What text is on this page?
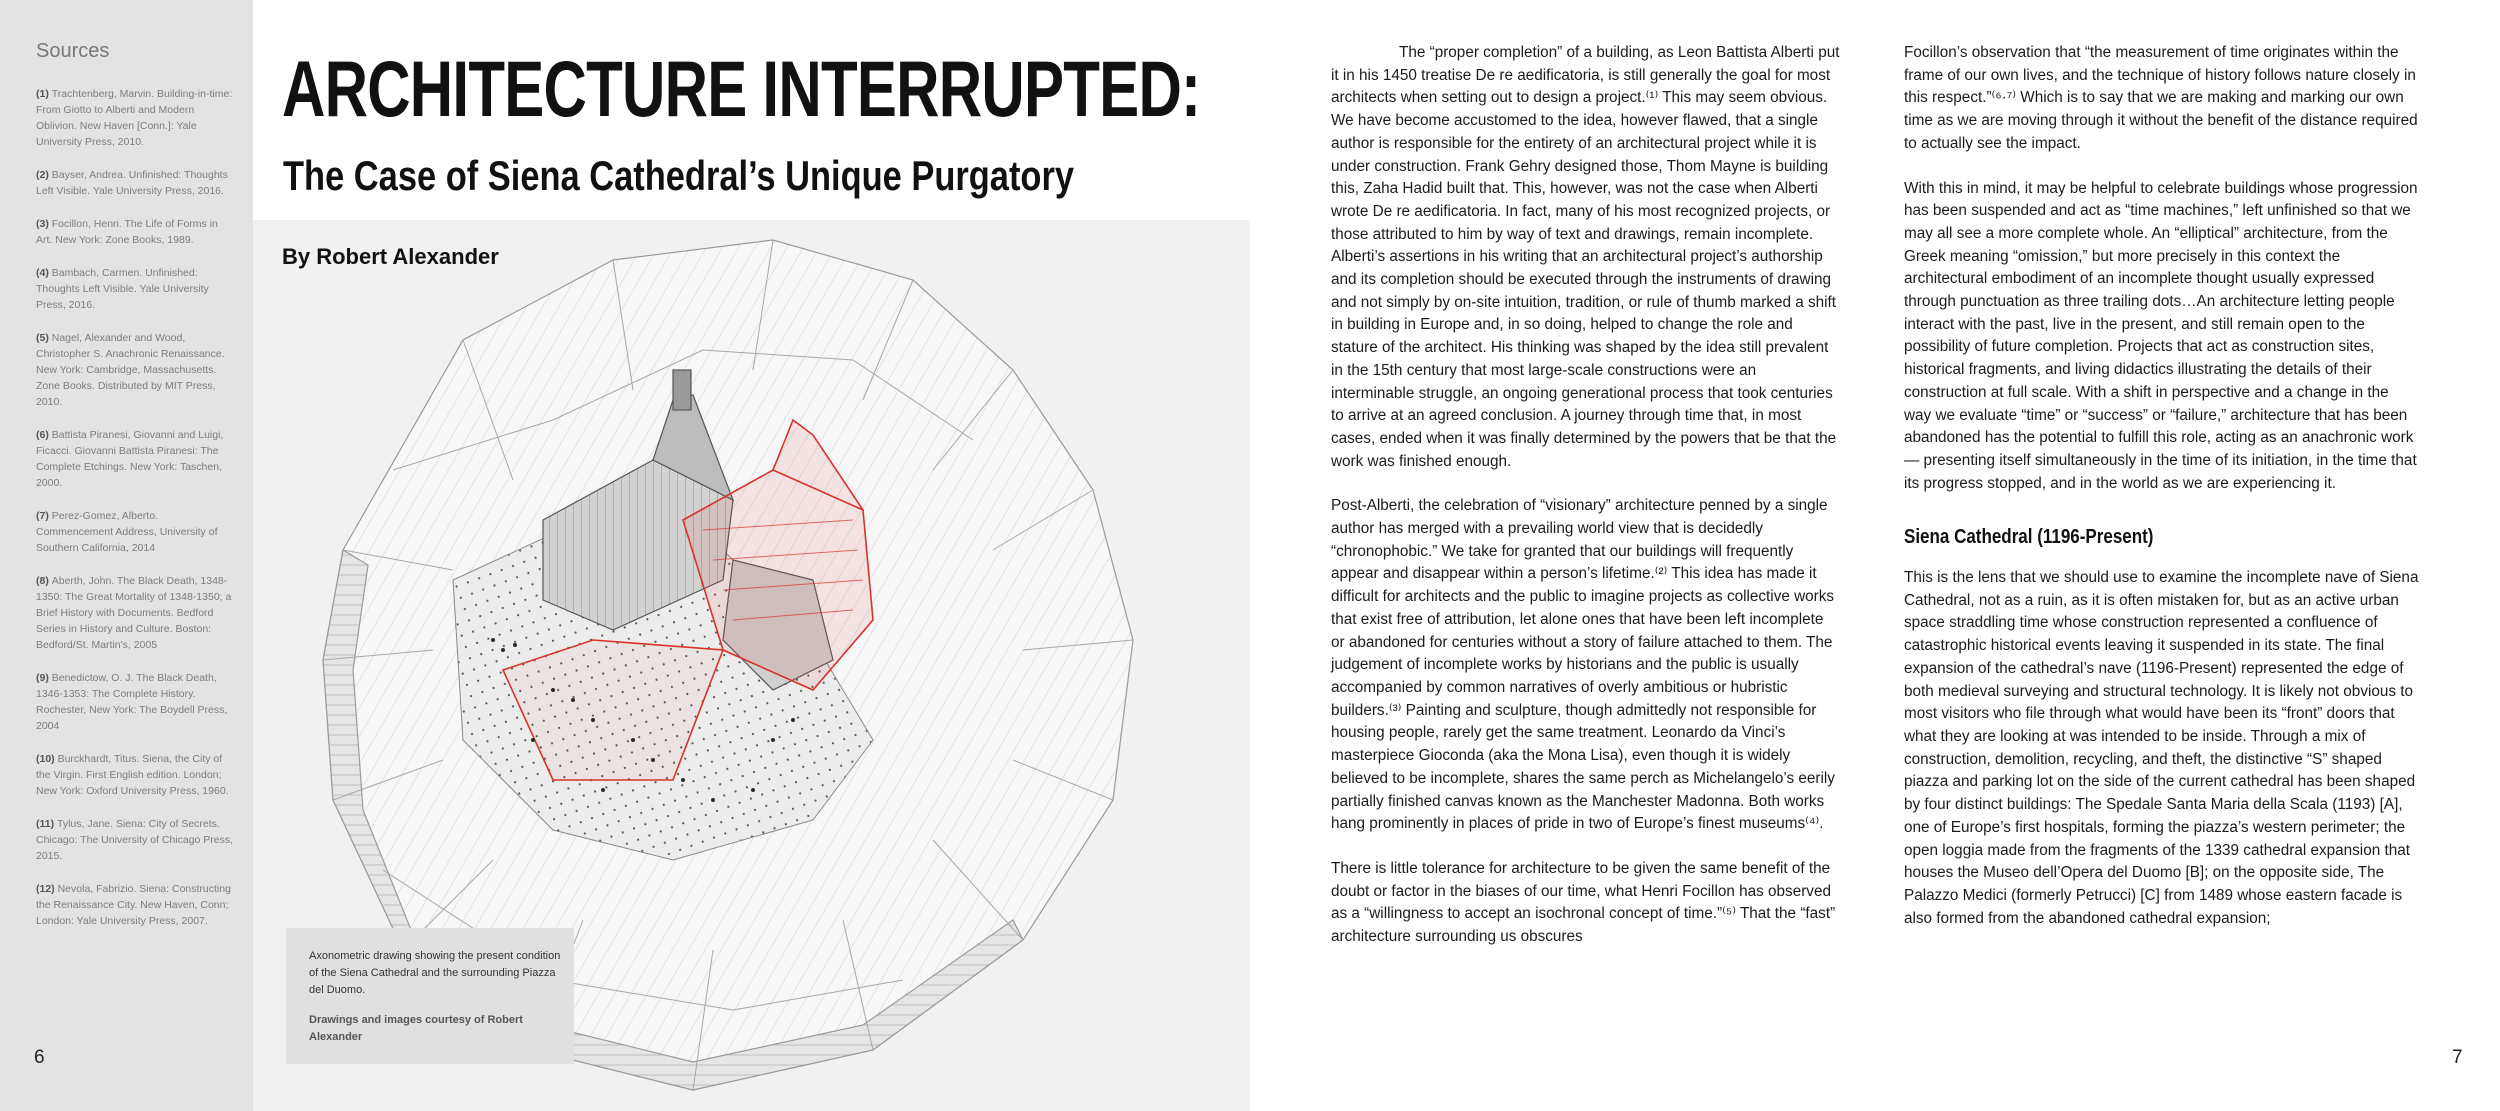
Sources
(1) Trachtenberg, Marvin. Building-in-time: From Giotto to Alberti and Modern Oblivion. New Haven [Conn.]: Yale University Press, 2010.
(2) Bayser, Andrea. Unfinished: Thoughts Left Visible. Yale University Press, 2016.
(3) Focillon, Henri. The Life of Forms in Art. New York: Zone Books, 1989.
(4) Bambach, Carmen. Unfinished: Thoughts Left Visible. Yale University Press, 2016.
(5) Nagel, Alexander and Wood, Christopher S. Anachronic Renaissance. New York: Cambridge, Massachusetts. Zone Books. Distributed by MIT Press, 2010.
(6) Battista Piranesi, Giovanni and Luigi, Ficacci. Giovanni Battista Piranesi: The Complete Etchings. New York: Taschen, 2000.
(7) Perez-Gomez, Alberto. Commencement Address, University of Southern California, 2014
(8) Aberth, John. The Black Death, 1348-1350: The Great Mortality of 1348-1350; a Brief History with Documents. Bedford Series in History and Culture. Boston: Bedford/St. Martin's, 2005
(9) Benedictow, O. J. The Black Death, 1346-1353: The Complete History. Rochester, New York: The Boydell Press, 2004
(10) Burckhardt, Titus. Siena, the City of the Virgin. First English edition. London; New York: Oxford University Press, 1960.
(11) Tylus, Jane. Siena: City of Secrets. Chicago: The University of Chicago Press, 2015.
(12) Nevola, Fabrizio. Siena: Constructing the Renaissance City. New Haven, Conn; London: Yale University Press, 2007.
ARCHITECTURE INTERRUPTED:
The Case of Siena Cathedral’s Unique Purgatory
By Robert Alexander
Axonometric drawing showing the present condition of the Siena Cathedral and the surrounding Piazza del Duomo.
Drawings and images courtesy of Robert Alexander
6

The “proper completion” of a building, as Leon Battista Alberti put it in his 1450 treatise De re aedificatoria, is still generally the goal for most architects when setting out to design a project.⁽¹⁾ This may seem obvious. We have become accustomed to the idea, however flawed, that a single author is responsible for the entirety of an architectural project while it is under construction. Frank Gehry designed those, Thom Mayne is building this, Zaha Hadid built that. This, however, was not the case when Alberti wrote De re aedificatoria. In fact, many of his most recognized projects, or those attributed to him by way of text and drawings, remain incomplete. Alberti’s assertions in his writing that an architectural project’s authorship and its completion should be executed through the instruments of drawing and not simply by on-site intuition, tradition, or rule of thumb marked a shift in building in Europe and, in so doing, helped to change the role and stature of the architect. His thinking was shaped by the idea still prevalent in the 15th century that most large-scale constructions were an interminable struggle, an ongoing generational process that took centuries to arrive at an agreed conclusion. A journey through time that, in most cases, ended when it was finally determined by the powers that be that the work was finished enough.

Post-Alberti, the celebration of “visionary” architecture penned by a single author has merged with a prevailing world view that is decidedly “chronophobic.” We take for granted that our buildings will frequently appear and disappear within a person’s lifetime.⁽²⁾ This idea has made it difficult for architects and the public to imagine projects as collective works that exist free of attribution, let alone ones that have been left incomplete or abandoned for centuries without a story of failure attached to them. The judgement of incomplete works by historians and the public is usually accompanied by common narratives of overly ambitious or hubristic builders.⁽³⁾ Painting and sculpture, though admittedly not responsible for housing people, rarely get the same treatment. Leonardo da Vinci’s masterpiece Gioconda (aka the Mona Lisa), even though it is widely believed to be incomplete, shares the same perch as Michelangelo’s eerily partially finished canvas known as the Manchester Madonna. Both works hang prominently in places of pride in two of Europe’s finest museums⁽⁴⁾.

There is little tolerance for architecture to be given the same benefit of the doubt or factor in the biases of our time, what Henri Focillon has observed as a “willingness to accept an isochronal concept of time.”⁽⁵⁾ That the “fast” architecture surrounding us obscures

Focillon’s observation that “the measurement of time originates within the frame of our own lives, and the technique of history follows nature closely in this respect.”⁽⁶·⁷⁾ Which is to say that we are making and marking our own time as we are moving through it without the benefit of the distance required to actually see the impact.

With this in mind, it may be helpful to celebrate buildings whose progression has been suspended and act as “time machines,” left unfinished so that we may all see a more complete whole. An “elliptical” architecture, from the Greek meaning “omission,” but more precisely in this context the architectural embodiment of an incomplete thought usually expressed through punctuation as three trailing dots…An architecture letting people interact with the past, live in the present, and still remain open to the possibility of future completion. Projects that act as construction sites, historical fragments, and living didactics illustrating the details of their construction at full scale. With a shift in perspective and a change in the way we evaluate “time” or “success” or “failure,” architecture that has been abandoned has the potential to fulfill this role, acting as an anachronic work — presenting itself simultaneously in the time of its initiation, in the time that its progress stopped, and in the world as we are experiencing it.

Siena Cathedral (1196-Present)

This is the lens that we should use to examine the incomplete nave of Siena Cathedral, not as a ruin, as it is often mistaken for, but as an active urban space straddling time whose construction represented a confluence of catastrophic historical events leaving it suspended in its state. The final expansion of the cathedral’s nave (1196-Present) represented the edge of both medieval surveying and structural technology. It is likely not obvious to most visitors who file through what would have been its “front” doors that what they are looking at was intended to be inside. Through a mix of construction, demolition, recycling, and theft, the distinctive “S” shaped piazza and parking lot on the side of the current cathedral has been shaped by four distinct buildings: The Spedale Santa Maria della Scala (1193) [A], one of Europe’s first hospitals, forming the piazza’s western perimeter; the open loggia made from the fragments of the 1339 cathedral expansion that houses the Museo dell’Opera del Duomo [B]; on the opposite side, The Palazzo Medici (formerly Petrucci) [C] from 1489 whose eastern facade is also formed from the abandoned cathedral expansion;

7
